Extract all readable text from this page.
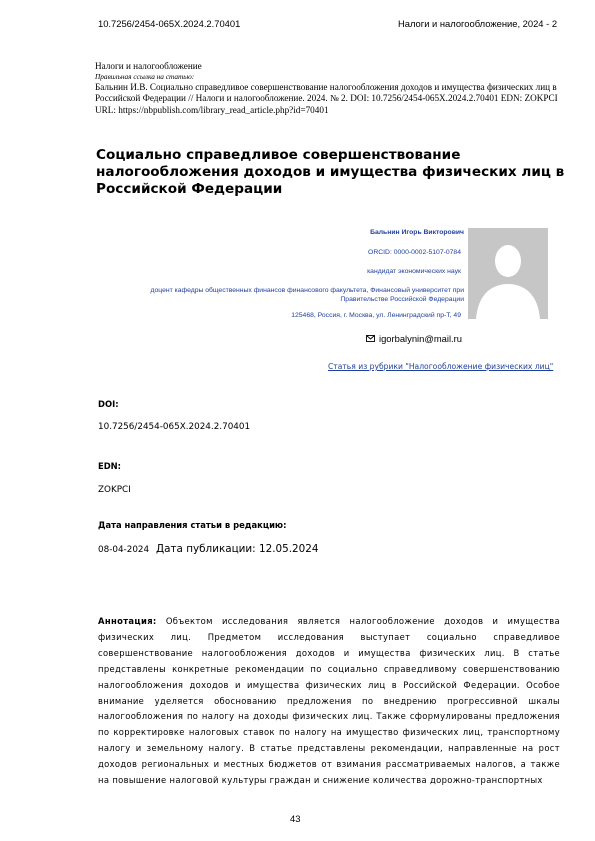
10.7256/2454-065X.2024.2.70401	Налоги и налогообложение, 2024 - 2
Налоги и налогообложение
Правильная ссылка на статью:
Бальнин И.В. Социально справедливое совершенствование налогообложения доходов и имущества физических лиц в Российской Федерации // Налоги и налогообложение. 2024. № 2. DOI: 10.7256/2454-065X.2024.2.70401 EDN: ZOKPCI URL: https://nbpublish.com/library_read_article.php?id=70401
Социально справедливое совершенствование налогообложения доходов и имущества физических лиц в Российской Федерации
Бальнин Игорь Викторович
ORCID: 0000-0002-5107-0784
кандидат экономических наук
доцент кафедры общественных финансов финансового факультета, Финансовый университет при Правительстве Российской Федерации
125468, Россия, г. Москва, ул. Ленинградский пр-Т, 49
igorbalynin@mail.ru
Статья из рубрики "Налогообложение физических лиц"
DOI:
10.7256/2454-065X.2024.2.70401
EDN:
ZOKPCI
Дата направления статьи в редакцию:
08-04-2024 Дата публикации: 12.05.2024
Аннотация: Объектом исследования является налогообложение доходов и имущества физических лиц. Предметом исследования выступает социально справедливое совершенствование налогообложения доходов и имущества физических лиц. В статье представлены конкретные рекомендации по социально справедливому совершенствованию налогообложения доходов и имущества физических лиц в Российской Федерации. Особое внимание уделяется обоснованию предложения по внедрению прогрессивной шкалы налогообложения по налогу на доходы физических лиц. Также сформулированы предложения по корректировке налоговых ставок по налогу на имущество физических лиц, транспортному налогу и земельному налогу. В статье представлены рекомендации, направленные на рост доходов региональных и местных бюджетов от взимания рассматриваемых налогов, а также на повышение налоговой культуры граждан и снижение количества дорожно-транспортных
43
